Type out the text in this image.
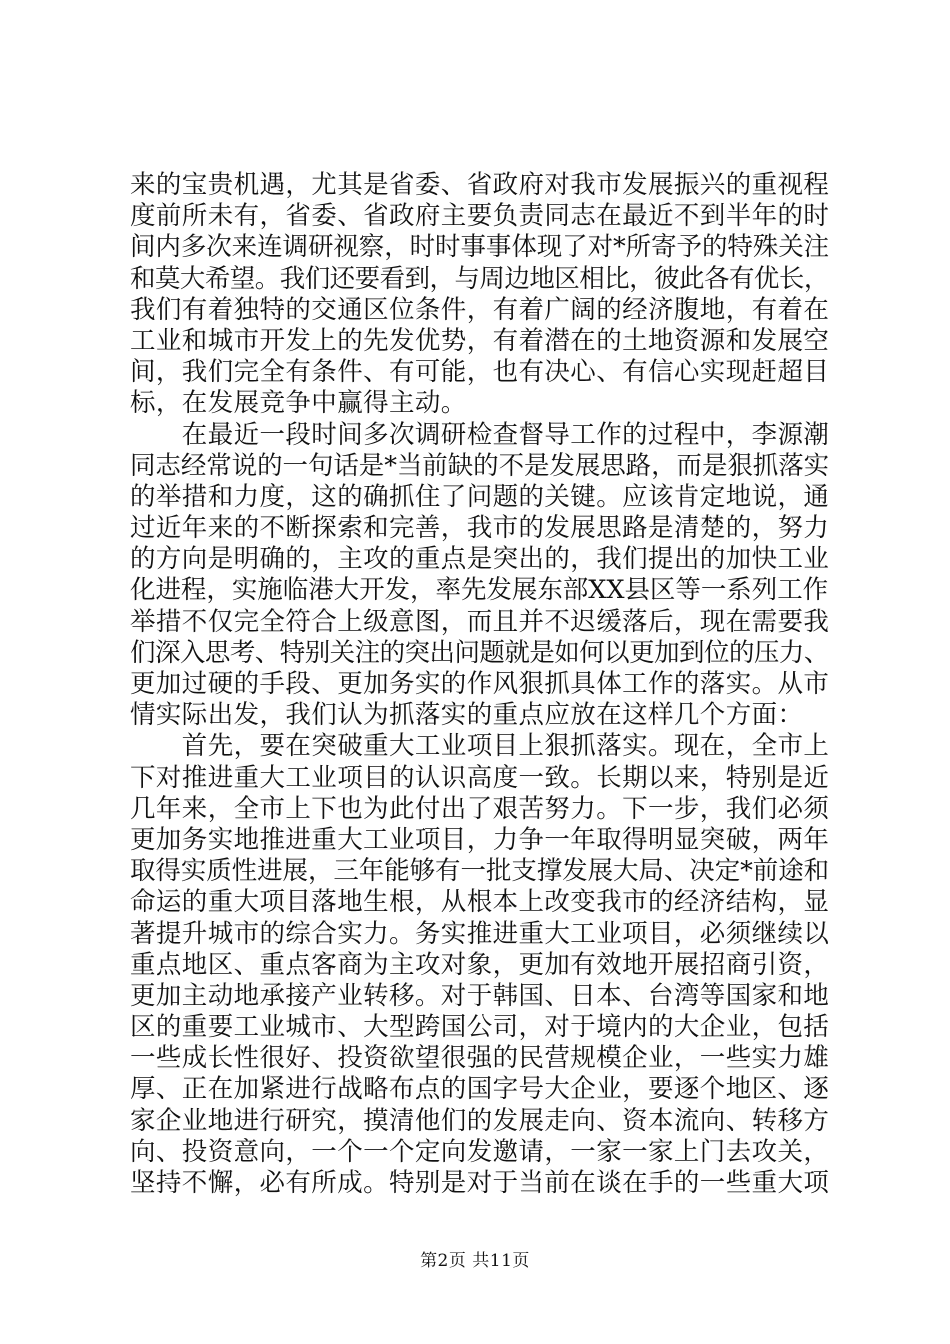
来的宝贵机遇，尤其是省委、省政府对我市发展振兴的重视程
度前所未有，省委、省政府主要负责同志在最近不到半年的时
间内多次来连调研视察，时时事事体现了对*所寄予的特殊关注
和莫大希望。我们还要看到，与周边地区相比，彼此各有优长，
我们有着独特的交通区位条件，有着广阔的经济腹地，有着在
工业和城市开发上的先发优势，有着潜在的土地资源和发展空
间，我们完全有条件、有可能，也有决心、有信心实现赶超目
标，在发展竞争中赢得主动。
　　在最近一段时间多次调研检查督导工作的过程中，李源潮
同志经常说的一句话是*当前缺的不是发展思路，而是狠抓落实
的举措和力度，这的确抓住了问题的关键。应该肯定地说，通
过近年来的不断探索和完善，我市的发展思路是清楚的，努力
的方向是明确的，主攻的重点是突出的，我们提出的加快工业
化进程，实施临港大开发，率先发展东部XX县区等一系列工作
举措不仅完全符合上级意图，而且并不迟缓落后，现在需要我
们深入思考、特别关注的突出问题就是如何以更加到位的压力、
更加过硬的手段、更加务实的作风狠抓具体工作的落实。从市
情实际出发，我们认为抓落实的重点应放在这样几个方面：
　　首先，要在突破重大工业项目上狠抓落实。现在，全市上
下对推进重大工业项目的认识高度一致。长期以来，特别是近
几年来，全市上下也为此付出了艰苦努力。下一步，我们必须
更加务实地推进重大工业项目，力争一年取得明显突破，两年
取得实质性进展，三年能够有一批支撑发展大局、决定*前途和
命运的重大项目落地生根，从根本上改变我市的经济结构，显
著提升城市的综合实力。务实推进重大工业项目，必须继续以
重点地区、重点客商为主攻对象，更加有效地开展招商引资，
更加主动地承接产业转移。对于韩国、日本、台湾等国家和地
区的重要工业城市、大型跨国公司，对于境内的大企业，包括
一些成长性很好、投资欲望很强的民营规模企业，一些实力雄
厚、正在加紧进行战略布点的国字号大企业，要逐个地区、逐
家企业地进行研究，摸清他们的发展走向、资本流向、转移方
向、投资意向，一个一个定向发邀请，一家一家上门去攻关，
坚持不懈，必有所成。特别是对于当前在谈在手的一些重大项
第2页 共11页
